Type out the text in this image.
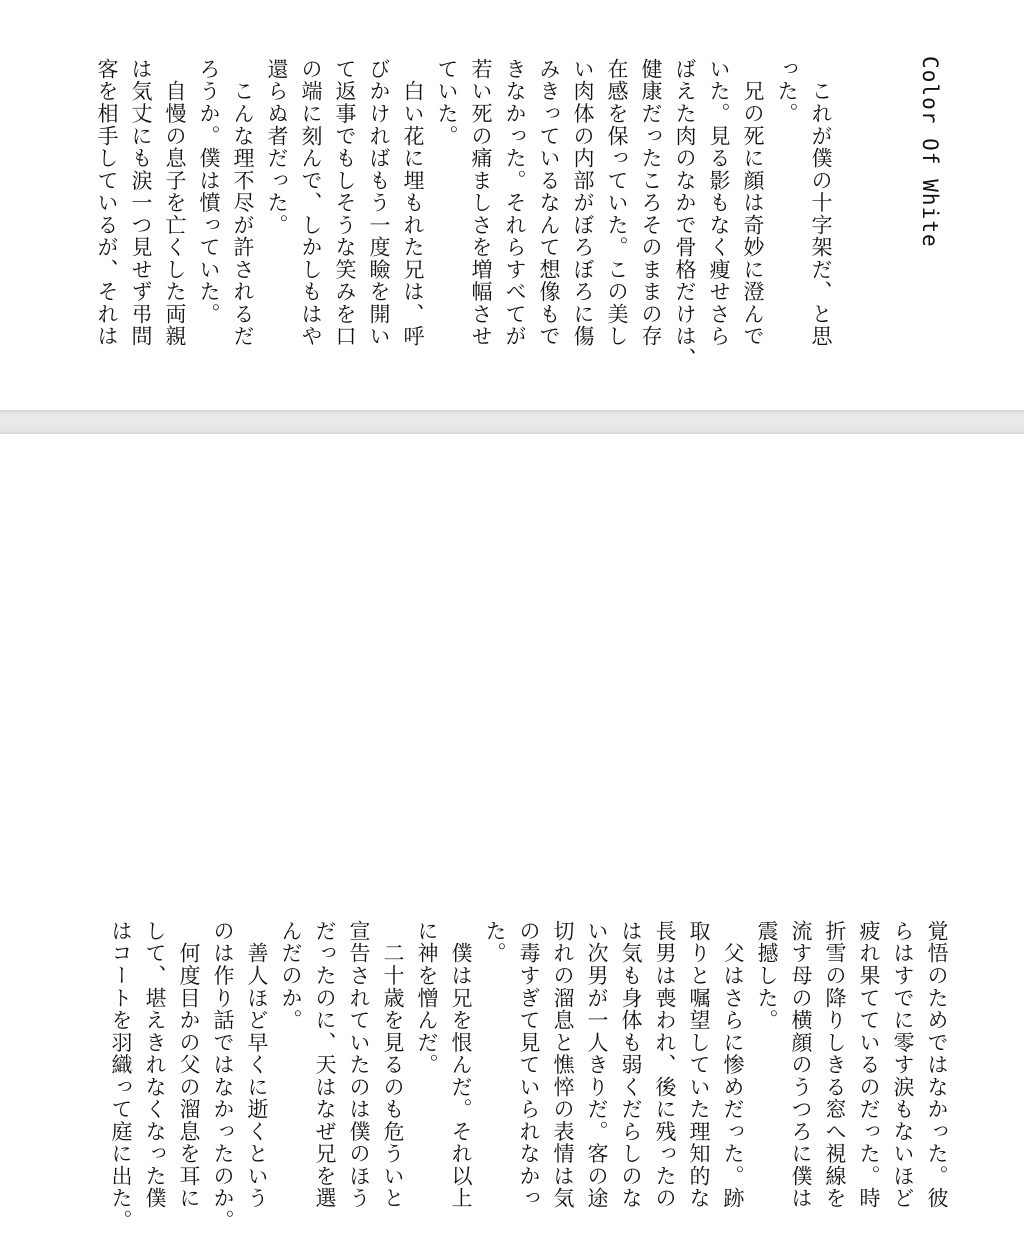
Color Of White
　これが僕の十字架だ、と思
った。
　兄の死に顔は奇妙に澄んで
いた。見る影もなく痩せさら
ばえた肉のなかで骨格だけは、
健康だったころそのままの存
在感を保っていた。この美し
い肉体の内部がぼろぼろに傷
みきっているなんて想像もで
きなかった。それらすべてが
若い死の痛ましさを増幅させ
ていた。
　白い花に埋もれた兄は、呼
びかければもう一度瞼を開い
て返事でもしそうな笑みを口
の端に刻んで、しかしもはや
還らぬ者だった。
　こんな理不尽が許されるだ
ろうか。僕は憤っていた。
　自慢の息子を亡くした両親
は気丈にも涙一つ見せず弔問
客を相手しているが、それは
覚悟のためではなかった。彼
らはすでに零す涙もないほど
疲れ果てているのだった。時
折雪の降りしきる窓へ視線を
流す母の横顔のうつろに僕は
震撼した。
　父はさらに惨めだった。跡
取りと嘱望していた理知的な
長男は喪われ、後に残ったの
は気も身体も弱くだらしのな
い次男が一人きりだ。客の途
切れの溜息と憔悴の表情は気
の毒すぎて見ていられなかっ
た。
　僕は兄を恨んだ。それ以上
に神を憎んだ。
　二十歳を見るのも危ういと
宣告されていたのは僕のほう
だったのに、天はなぜ兄を選
んだのか。
　善人ほど早くに逝くという
のは作り話ではなかったのか。
　何度目かの父の溜息を耳に
して、堪えきれなくなった僕
はコートを羽織って庭に出た。
